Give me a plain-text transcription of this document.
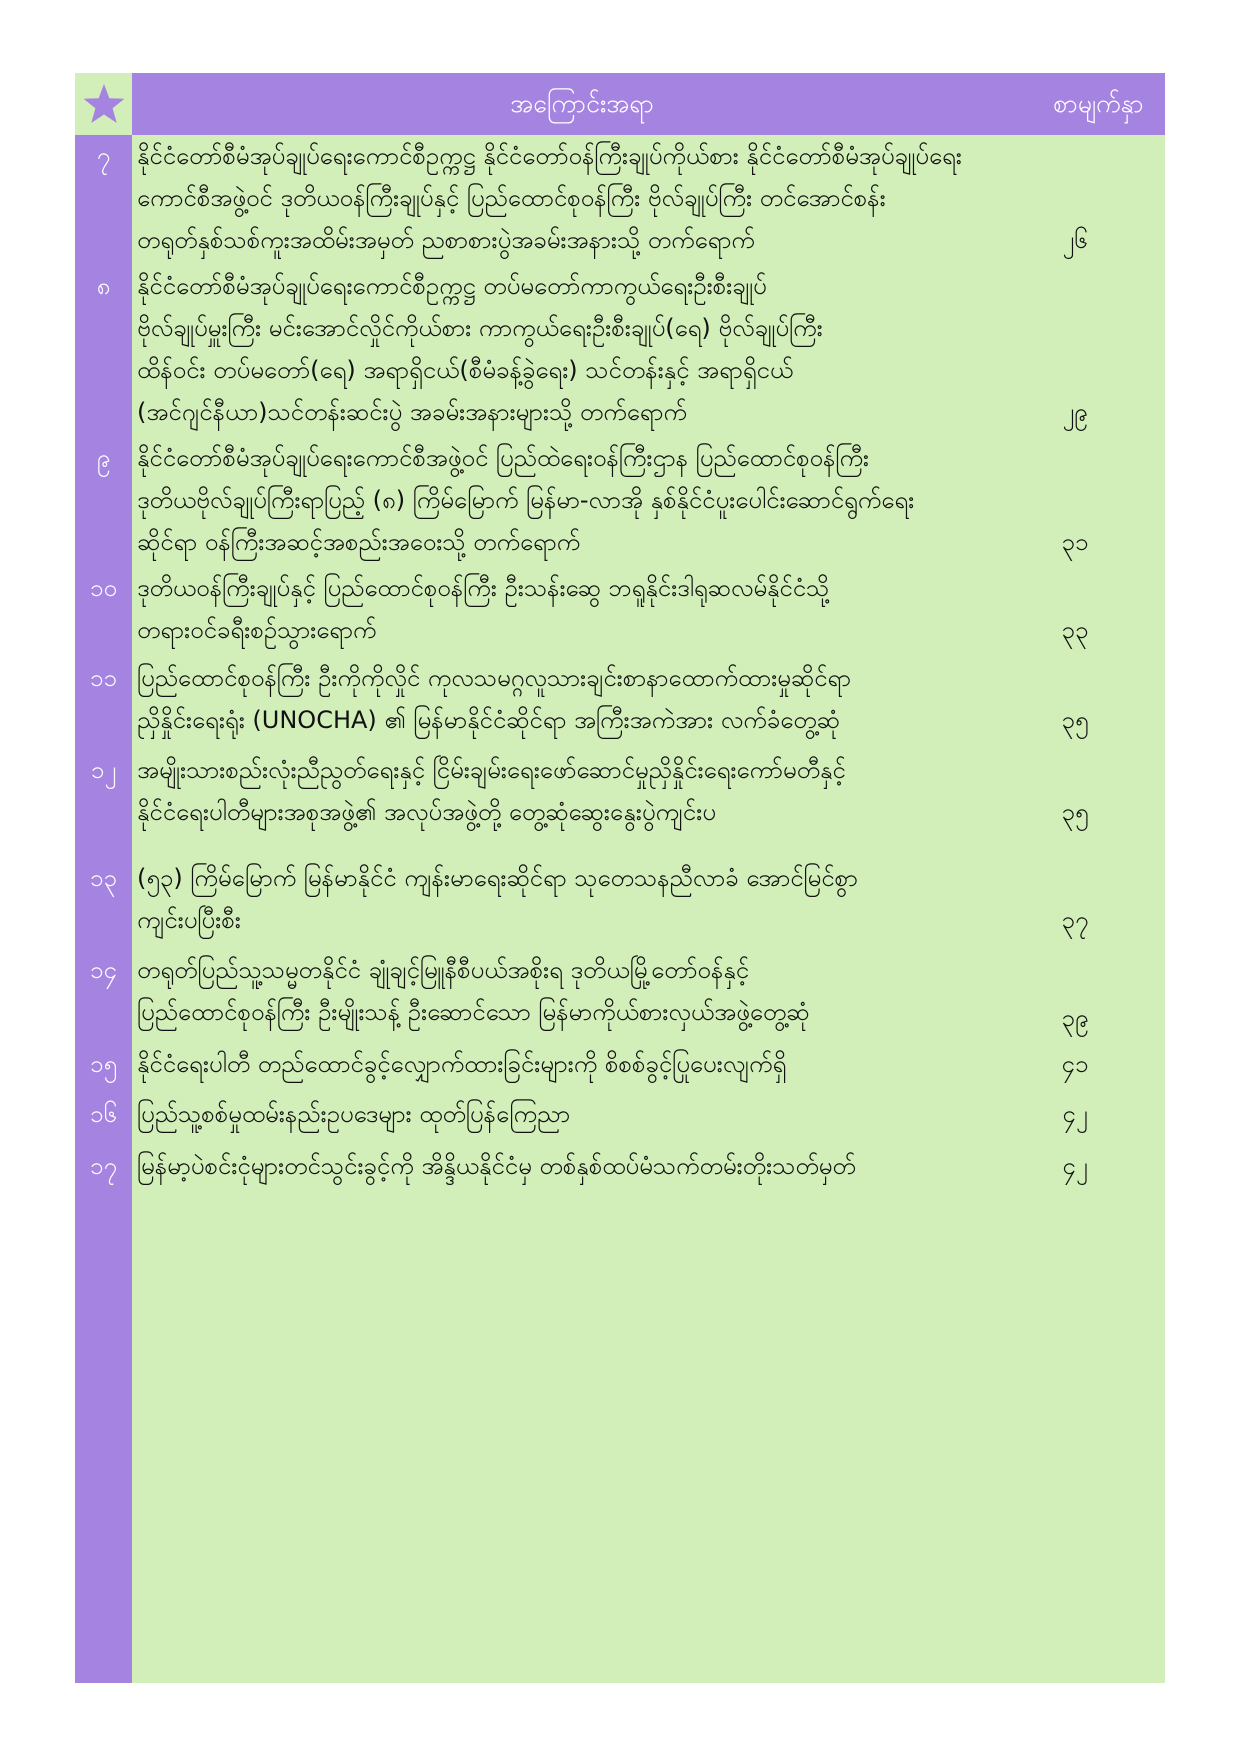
အကြောင်းအရာ	စာမျက်နှာ
၇	နိုင်ငံတော်စီမံအုပ်ချုပ်ရေးကောင်စီဥက္ကဋ္ဌ နိုင်ငံတော်ဝန်ကြီးချုပ်ကိုယ်စား နိုင်ငံတော်စီမံအုပ်ချုပ်ရေး
ကောင်စီအဖွဲ့ဝင် ဒုတိယဝန်ကြီးချုပ်နှင့် ပြည်ထောင်စုဝန်ကြီး ဗိုလ်ချုပ်ကြီး တင်အောင်စန်း
တရုတ်နှစ်သစ်ကူးအထိမ်းအမှတ် ညစာစားပွဲအခမ်းအနားသို့ တက်ရောက်	၂၆
၈	နိုင်ငံတော်စီမံအုပ်ချုပ်ရေးကောင်စီဥက္ကဋ္ဌ တပ်မတော်ကာကွယ်ရေးဦးစီးချုပ်
ဗိုလ်ချုပ်မှူးကြီး မင်းအောင်လှိုင်ကိုယ်စား ကာကွယ်ရေးဦးစီးချုပ်(ရေ) ဗိုလ်ချုပ်ကြီး
ထိန်ဝင်း တပ်မတော်(ရေ) အရာရှိငယ်(စီမံခန့်ခွဲရေး) သင်တန်းနှင့် အရာရှိငယ်
(အင်ဂျင်နီယာ)သင်တန်းဆင်းပွဲ အခမ်းအနားများသို့ တက်ရောက်	၂၉
၉	နိုင်ငံတော်စီမံအုပ်ချုပ်ရေးကောင်စီအဖွဲ့ဝင် ပြည်ထဲရေးဝန်ကြီးဌာန ပြည်ထောင်စုဝန်ကြီး
ဒုတိယဗိုလ်ချုပ်ကြီးရာပြည့် (၈) ကြိမ်မြောက် မြန်မာ-လာအို နှစ်နိုင်ငံပူးပေါင်းဆောင်ရွက်ရေး
ဆိုင်ရာ ဝန်ကြီးအဆင့်အစည်းအဝေးသို့ တက်ရောက်	၃၁
၁၀ ဒုတိယဝန်ကြီးချုပ်နှင့် ပြည်ထောင်စုဝန်ကြီး ဦးသန်းဆွေ ဘရူနိုင်းဒါရုဆလမ်နိုင်ငံသို့
တရားဝင်ခရီးစဉ်သွားရောက်	၃၃
၁၁ ပြည်ထောင်စုဝန်ကြီး ဦးကိုကိုလှိုင် ကုလသမဂ္ဂလူသားချင်းစာနာထောက်ထားမှုဆိုင်ရာ
ညှိနှိုင်းရေးရုံး (UNOCHA) ၏ မြန်မာနိုင်ငံဆိုင်ရာ အကြီးအကဲအား လက်ခံတွေ့ဆုံ	၃၅
၁၂ အမျိုးသားစည်းလုံးညီညွတ်ရေးနှင့် ငြိမ်းချမ်းရေးဖော်ဆောင်မှုညှိနှိုင်းရေးကော်မတီနှင့်
နိုင်ငံရေးပါတီများအစုအဖွဲ့၏ အလုပ်အဖွဲ့တို့ တွေ့ဆုံဆွေးနွေးပွဲကျင်းပ	၃၅
၁၃ (၅၃) ကြိမ်မြောက် မြန်မာနိုင်ငံ ကျန်းမာရေးဆိုင်ရာ သုတေသနညီလာခံ အောင်မြင်စွာ
ကျင်းပပြီးစီး	၃၇
၁၄ တရုတ်ပြည်သူ့သမ္မတနိုင်ငံ ချုံချင့်မြူနီစီပယ်အစိုးရ ဒုတိယမြို့တော်ဝန်နှင့်
ပြည်ထောင်စုဝန်ကြီး ဦးမျိုးသန့် ဦးဆောင်သော မြန်မာကိုယ်စားလှယ်အဖွဲ့တွေ့ဆုံ	၃၉
၁၅ နိုင်ငံရေးပါတီ တည်ထောင်ခွင့်လျှောက်ထားခြင်းများကို စိစစ်ခွင့်ပြုပေးလျက်ရှိ	၄၁
၁၆ ပြည်သူ့စစ်မှုထမ်းနည်းဥပဒေများ ထုတ်ပြန်ကြေညာ	၄၂
၁၇ မြန်မာ့ပဲစင်းငုံများတင်သွင်းခွင့်ကို အိန္ဒိယနိုင်ငံမှ တစ်နှစ်ထပ်မံသက်တမ်းတိုးသတ်မှတ်	၄၂
